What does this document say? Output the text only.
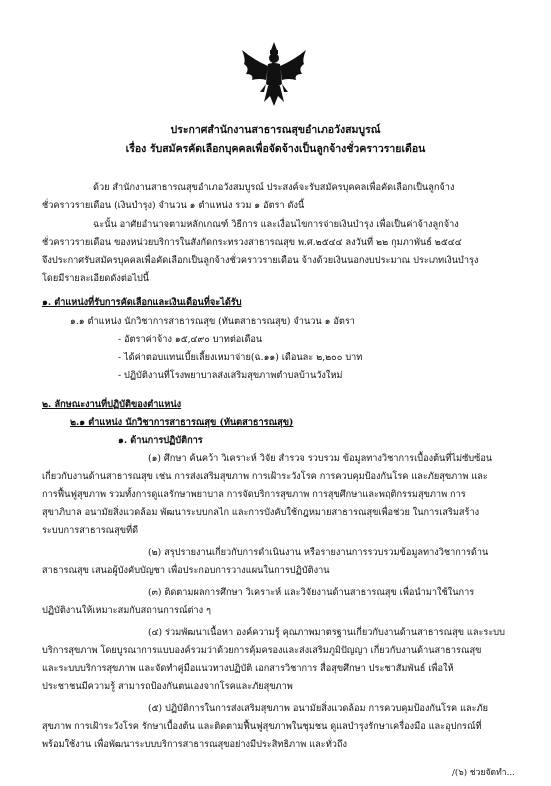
ประกาศสำนักงานสาธารณสุขอำเภอวังสมบูรณ์
เรื่อง รับสมัครคัดเลือกบุคคลเพื่อจัดจ้างเป็นลูกจ้างชั่วคราวรายเดือน
ด้วย สำนักงานสาธารณสุขอำเภอวังสมบูรณ์ ประสงค์จะรับสมัครบุคคลเพื่อคัดเลือกเป็นลูกจ้าง
ชั่วคราวรายเดือน (เงินบำรุง) จำนวน ๑ ตำแหน่ง รวม ๑ อัตรา ดังนี้
ฉะนั้น อาศัยอำนาจตามหลักเกณฑ์ วิธีการ และเงื่อนไขการจ่ายเงินบำรุง เพื่อเป็นค่าจ้างลูกจ้าง
ชั่วคราวรายเดือน ของหน่วยบริการในสังกัดกระทรวงสาธารณสุข พ.ศ.๒๕๔๔ ลงวันที่ ๒๒ กุมภาพันธ์ ๒๕๔๔
จึงประกาศรับสมัครบุคคลเพื่อคัดเลือกเป็นลูกจ้างชั่วคราวรายเดือน จ้างด้วยเงินนอกงบประมาณ ประเภทเงินบำรุง
โดยมีรายละเอียดดังต่อไปนี้
๑. ตำแหน่งที่รับการคัดเลือกและเงินเดือนที่จะได้รับ
๑.๑ ตำแหน่ง นักวิชาการสาธารณสุข (ทันตสาธารณสุข) จำนวน ๑ อัตรา
- อัตราค่าจ้าง ๑๕,๔๙๐ บาทต่อเดือน
- ได้ค่าตอบแทนเบี้ยเลี้ยงเหมาจ่าย(ฉ.๑๑) เดือนละ ๒,๒๐๐ บาท
- ปฏิบัติงานที่โรงพยาบาลส่งเสริมสุขภาพตำบลบ้านวังใหม่
๒. ลักษณะงานที่ปฏิบัติของตำแหน่ง
๒.๑ ตำแหน่ง นักวิชาการสาธารณสุข (ทันตสาธารณสุข)
๑. ด้านการปฏิบัติการ
(๑) ศึกษา ค้นคว้า วิเคราะห์ วิจัย สำรวจ รวบรวม ข้อมูลทางวิชาการเบื้องต้นที่ไม่ซับซ้อน
เกี่ยวกับงานด้านสาธารณสุข เช่น การส่งเสริมสุขภาพ การเฝ้าระวังโรค การควบคุมป้องกันโรค และภัยสุขภาพ และ
การฟื้นฟูสุขภาพ รวมทั้งการดูแลรักษาพยาบาล การจัดบริการสุขภาพ การสุขศึกษาและพฤติกรรมสุขภาพ การ
สุขาภิบาล อนามัยสิ่งแวดล้อม พัฒนาระบบกลไก และการบังคับใช้กฎหมายสาธารณสุขเพื่อช่วย ในการเสริมสร้าง
ระบบการสาธารณสุขที่ดี
(๒) สรุปรายงานเกี่ยวกับการดำเนินงาน หรือรายงานการรวบรวมข้อมูลทางวิชาการด้าน
สาธารณสุข เสนอผู้บังคับบัญชา เพื่อประกอบการวางแผนในการปฏิบัติงาน
(๓) ติดตามผลการศึกษา วิเคราะห์ และวิจัยงานด้านสาธารณสุข เพื่อนำมาใช้ในการ
ปฏิบัติงานให้เหมาะสมกับสถานการณ์ต่าง ๆ
(๔) ร่วมพัฒนาเนื้อหา องค์ความรู้ คุณภาพมาตรฐานเกี่ยวกับงานด้านสาธารณสุข และระบบ
บริการสุขภาพ โดยบูรณาการแบบองค์รวมว่าด้วยการคุ้มครองและส่งเสริมภูมิปัญญา เกี่ยวกับงานด้านสาธารณสุข
และระบบบริการสุขภาพ และจัดทำคู่มือแนวทางปฏิบัติ เอกสารวิชาการ สื่อสุขศึกษา ประชาสัมพันธ์ เพื่อให้
ประชาชนมีความรู้ สามารถป้องกันตนเองจากโรคและภัยสุขภาพ
(๕) ปฏิบัติการในการส่งเสริมสุขภาพ อนามัยสิ่งแวดล้อม การควบคุมป้องกันโรค และภัย
สุขภาพ การเฝ้าระวังโรค รักษาเบื้องต้น และติดตามฟื้นฟูสุขภาพในชุมชน ดูแลบำรุงรักษาเครื่องมือ และอุปกรณ์ที่
พร้อมใช้งาน เพื่อพัฒนาระบบบริการสาธารณสุขอย่างมีประสิทธิภาพ และทั่วถึง
/(๖) ช่วยจัดทำ...
